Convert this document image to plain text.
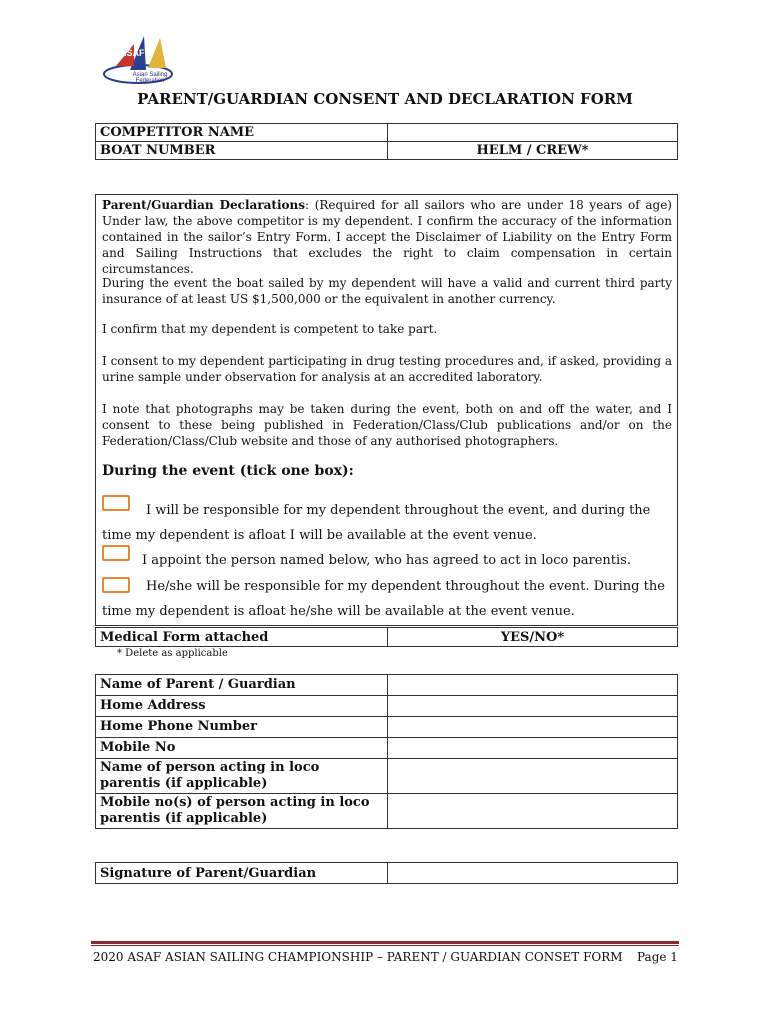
ASAF
Asian Sailing Federation
PARENT/GUARDIAN CONSENT AND DECLARATION FORM
COMPETITOR NAME	
BOAT NUMBER	HELM / CREW*
Parent/Guardian Declarations: (Required for all sailors who are under 18 years of age) Under law, the above competitor is my dependent. I confirm the accuracy of the information contained in the sailor’s Entry Form. I accept the Disclaimer of Liability on the Entry Form and Sailing Instructions that excludes the right to claim compensation in certain circumstances.
During the event the boat sailed by my dependent will have a valid and current third party insurance of at least US $1,500,000 or the equivalent in another currency.
I confirm that my dependent is competent to take part.
I consent to my dependent participating in drug testing procedures and, if asked, providing a urine sample under observation for analysis at an accredited laboratory.
I note that photographs may be taken during the event, both on and off the water, and I consent to these being published in Federation/Class/Club publications and/or on the Federation/Class/Club website and those of any authorised photographers.
During the event (tick one box):
I will be responsible for my dependent throughout the event, and during the
time my dependent is afloat I will be available at the event venue.
I appoint the person named below, who has agreed to act in loco parentis.
He/she will be responsible for my dependent throughout the event. During the
time my dependent is afloat he/she will be available at the event venue.
Medical Form attached	YES/NO*
* Delete as applicable
Name of Parent / Guardian	
Home Address	
Home Phone Number	
Mobile No	
Name of person acting in loco parentis (if applicable)	
Mobile no(s) of person acting in loco parentis (if applicable)	
Signature of Parent/Guardian	
2020 ASAF ASIAN SAILING CHAMPIONSHIP – PARENT / GUARDIAN CONSET FORM Page 1
